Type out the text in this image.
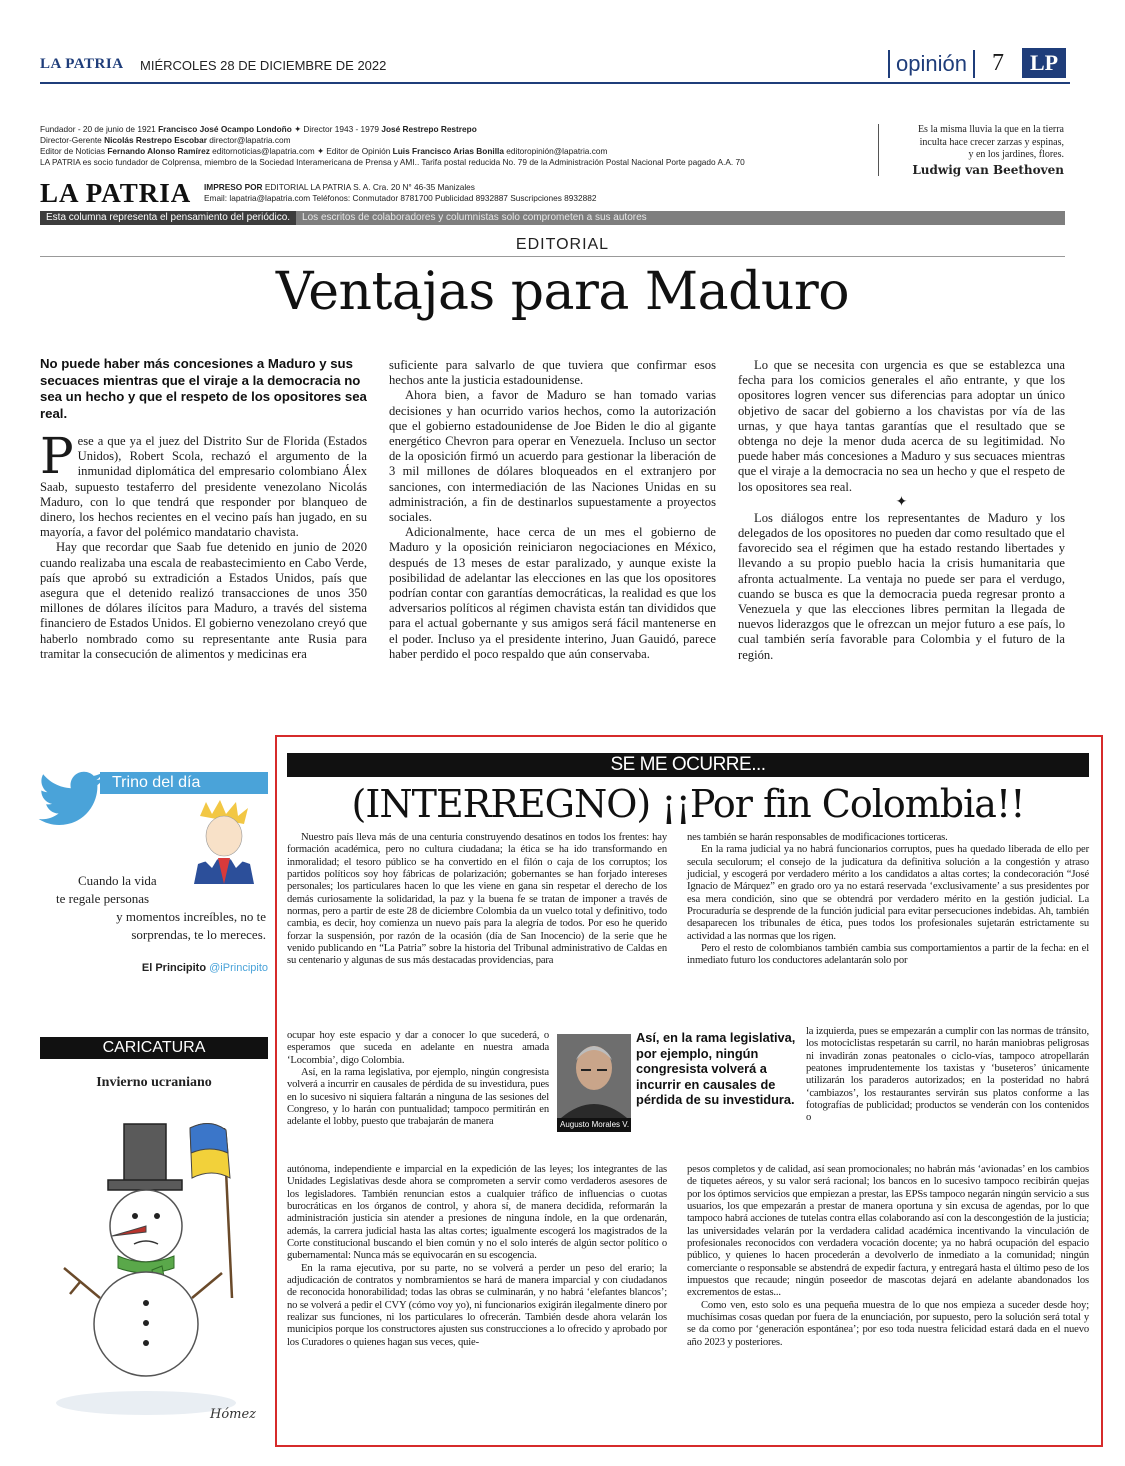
LA PATRIA MIÉRCOLES 28 DE DICIEMBRE DE 2022	opinión	7	LP
Fundador - 20 de junio de 1921 Francisco José Ocampo Londoño ✦ Director 1943 - 1979 José Restrepo Restrepo
Director-Gerente Nicolás Restrepo Escobar director@lapatria.com
Editor de Noticias Fernando Alonso Ramírez editornoticias@lapatria.com ✦ Editor de Opinión Luis Francisco Arias Bonilla editoropinión@lapatria.com
LA PATRIA es socio fundador de Colprensa, miembro de la Sociedad Interamericana de Prensa y AMI.. Tarifa postal reducida No. 79 de la Administración Postal Nacional Porte pagado A.A. 70
Es la misma lluvia la que en la tierra
inculta hace crecer zarzas y espinas,
y en los jardines, flores.
Ludwig van Beethoven
LA PATRIA IMPRESO POR EDITORIAL LA PATRIA S. A. Cra. 20 N° 46-35 Manizales
Email: lapatria@lapatria.com Teléfonos: Conmutador 8781700 Publicidad 8932887 Suscripciones 8932882
Esta columna representa el pensamiento del periódico. Los escritos de colaboradores y columnistas solo comprometen a sus autores
EDITORIAL
Ventajas para Maduro
No puede haber más concesiones a Maduro y sus secuaces mientras que el viraje a la democracia no sea un hecho y que el respeto de los opositores sea real.

Pese a que ya el juez del Distrito Sur de Florida (Estados Unidos), Robert Scola, rechazó el argumento de la inmunidad diplomática del empresario colombiano Álex Saab, supuesto testaferro del presidente venezolano Nicolás Maduro, con lo que tendrá que responder por blanqueo de dinero, los hechos recientes en el vecino país han jugado, en su mayoría, a favor del polémico mandatario chavista.

Hay que recordar que Saab fue detenido en junio de 2020 cuando realizaba una escala de reabastecimiento en Cabo Verde, país que aprobó su extradición a Estados Unidos, país que asegura que el detenido realizó transacciones de unos 350 millones de dólares ilícitos para Maduro, a través del sistema financiero de Estados Unidos. El gobierno venezolano creyó que haberlo nombrado como su representante ante Rusia para tramitar la consecución de alimentos y medicinas era

suficiente para salvarlo de que tuviera que confirmar esos hechos ante la justicia estadounidense.

Ahora bien, a favor de Maduro se han tomado varias decisiones y han ocurrido varios hechos, como la autorización que el gobierno estadounidense de Joe Biden le dio al gigante energético Chevron para operar en Venezuela. Incluso un sector de la oposición firmó un acuerdo para gestionar la liberación de 3 mil millones de dólares bloqueados en el extranjero por sanciones, con intermediación de las Naciones Unidas en su administración, a fin de destinarlos supuestamente a proyectos sociales.

Adicionalmente, hace cerca de un mes el gobierno de Maduro y la oposición reiniciaron negociaciones en México, después de 13 meses de estar paralizado, y aunque existe la posibilidad de adelantar las elecciones en las que los opositores podrían contar con garantías democráticas, la realidad es que los adversarios políticos al régimen chavista están tan divididos que para el actual gobernante y sus amigos será fácil mantenerse en el poder. Incluso ya el presidente interino, Juan Gauidó, parece haber perdido el poco respaldo que aún conservaba.

Lo que se necesita con urgencia es que se establezca una fecha para los comicios generales el año entrante, y que los opositores logren vencer sus diferencias para adoptar un único objetivo de sacar del gobierno a los chavistas por vía de las urnas, y que haya tantas garantías que el resultado que se obtenga no deje la menor duda acerca de su legitimidad. No puede haber más concesiones a Maduro y sus secuaces mientras que el viraje a la democracia no sea un hecho y que el respeto de los opositores sea real.

✦

Los diálogos entre los representantes de Maduro y los delegados de los opositores no pueden dar como resultado que el favorecido sea el régimen que ha estado restando libertades y llevando a su propio pueblo hacia la crisis humanitaria que afronta actualmente. La ventaja no puede ser para el verdugo, cuando se busca es que la democracia pueda regresar pronto a Venezuela y que las elecciones libres permitan la llegada de nuevos liderazgos que le ofrezcan un mejor futuro a ese país, lo cual también sería favorable para Colombia y el futuro de la región.

Trino del día
Cuando la vida
te regale personas
y momentos increíbles, no te
sorprendas, te lo mereces.
El Principito @iPrincipito
CARICATURA
Invierno ucraniano
Hómez
SE ME OCURRE...
(INTERREGNO) ¡¡Por fin Colombia!!

Nuestro país lleva más de una centuria construyendo desatinos en todos los frentes: hay formación académica, pero no cultura ciudadana; la ética se ha ido transformando en inmoralidad; el tesoro público se ha convertido en el filón o caja de los corruptos; los partidos políticos soy hoy fábricas de polarización; gobernantes se han forjado intereses personales; los particulares hacen lo que les viene en gana sin respetar el derecho de los demás curiosamente la solidaridad, la paz y la buena fe se tratan de imponer a través de normas, pero a partir de este 28 de diciembre Colombia da un vuelco total y definitivo, todo cambia, es decir, hoy comienza un nuevo país para la alegría de todos. Por eso he querido forzar la suspensión, por razón de la ocasión (día de San Inocencio) de la serie que he venido publicando en “La Patria” sobre la historia del Tribunal administrativo de Caldas en su centenario y algunas de sus más destacadas providencias, para

ocupar hoy este espacio y dar a conocer lo que sucederá, o esperamos que suceda en adelante en nuestra amada ‘Locombia’, digo Colombia.

Así, en la rama legislativa, por ejemplo, ningún congresista volverá a incurrir en causales de pérdida de su investidura, pues en lo sucesivo ni siquiera faltarán a ninguna de las sesiones del Congreso, y lo harán con puntualidad; tampoco permitirán en adelante el lobby, puesto que trabajarán de manera

autónoma, independiente e imparcial en la expedición de las leyes; los integrantes de las Unidades Legislativas desde ahora se comprometen a servir como verdaderos asesores de los legisladores. También renuncian estos a cualquier tráfico de influencias o cuotas burocráticas en los órganos de control, y ahora sí, de manera decidida, reformarán la administración justicia sin atender a presiones de ninguna índole, en la que ordenarán, además, la carrera judicial hasta las altas cortes; igualmente escogerá los magistrados de la Corte constitucional buscando el bien común y no el solo interés de algún sector político o gubernamental: Nunca más se equivocarán en su escogencia.

En la rama ejecutiva, por su parte, no se volverá a perder un peso del erario; la adjudicación de contratos y nombramientos se hará de manera imparcial y con ciudadanos de reconocida honorabilidad; todas las obras se culminarán, y no habrá ‘elefantes blancos’; no se volverá a pedir el CVY (cómo voy yo), ni funcionarios exigirán ilegalmente dinero por realizar sus funciones, ni los particulares lo ofrecerán. También desde ahora velarán los municipios porque los constructores ajusten sus construcciones a lo ofrecido y aprobado por los Curadores o quienes hagan sus veces, quie-

Augusto Morales V.
Así, en la rama legislativa, por ejemplo, ningún congresista volverá a incurrir en causales de pérdida de su investidura.

nes también se harán responsables de modificaciones torticeras.

En la rama judicial ya no habrá funcionarios corruptos, pues ha quedado liberada de ello per secula seculorum; el consejo de la judicatura da definitiva solución a la congestión y atraso judicial, y escogerá por verdadero mérito a los candidatos a altas cortes; la condecoración “José Ignacio de Márquez” en grado oro ya no estará reservada ‘exclusivamente’ a sus presidentes por esa mera condición, sino que se obtendrá por verdadero mérito en la gestión judicial. La Procuraduría se desprende de la función judicial para evitar persecuciones indebidas. Ah, también desaparecen los tribunales de ética, pues todos los profesionales sujetarán estrictamente su actividad a las normas que los rigen.

Pero el resto de colombianos también cambia sus comportamientos a partir de la fecha: en el inmediato futuro los conductores adelantarán solo por

la izquierda, pues se empezarán a cumplir con las normas de tránsito, los motociclistas respetarán su carril, no harán maniobras peligrosas ni invadirán zonas peatonales o ciclo-vías, tampoco atropellarán peatones imprudentemente los taxistas y ‘buseteros’ únicamente utilizarán los paraderos autorizados; en la posteridad no habrá ‘cambiazos’, los restaurantes servirán sus platos conforme a las fotografías de publicidad; productos se venderán con los contenidos o

pesos completos y de calidad, así sean promocionales; no habrán más ‘avionadas’ en los cambios de tiquetes aéreos, y su valor será racional; los bancos en lo sucesivo tampoco recibirán quejas por los óptimos servicios que empiezan a prestar, las EPSs tampoco negarán ningún servicio a sus usuarios, los que empezarán a prestar de manera oportuna y sin excusa de agendas, por lo que tampoco habrá acciones de tutelas contra ellas colaborando así con la descongestión de la justicia; las universidades velarán por la verdadera calidad académica incentivando la vinculación de profesionales reconocidos con verdadera vocación docente; ya no habrá ocupación del espacio público, y quienes lo hacen procederán a devolverlo de inmediato a la comunidad; ningún comerciante o responsable se abstendrá de expedir factura, y entregará hasta el último peso de los impuestos que recaude; ningún poseedor de mascotas dejará en adelante abandonados los excrementos de estas...

Como ven, esto solo es una pequeña muestra de lo que nos empieza a suceder desde hoy; muchísimas cosas quedan por fuera de la enunciación, por supuesto, pero la solución será total y se da como por ‘generación espontánea’; por eso toda nuestra felicidad estará dada en el nuevo año 2023 y posteriores.
